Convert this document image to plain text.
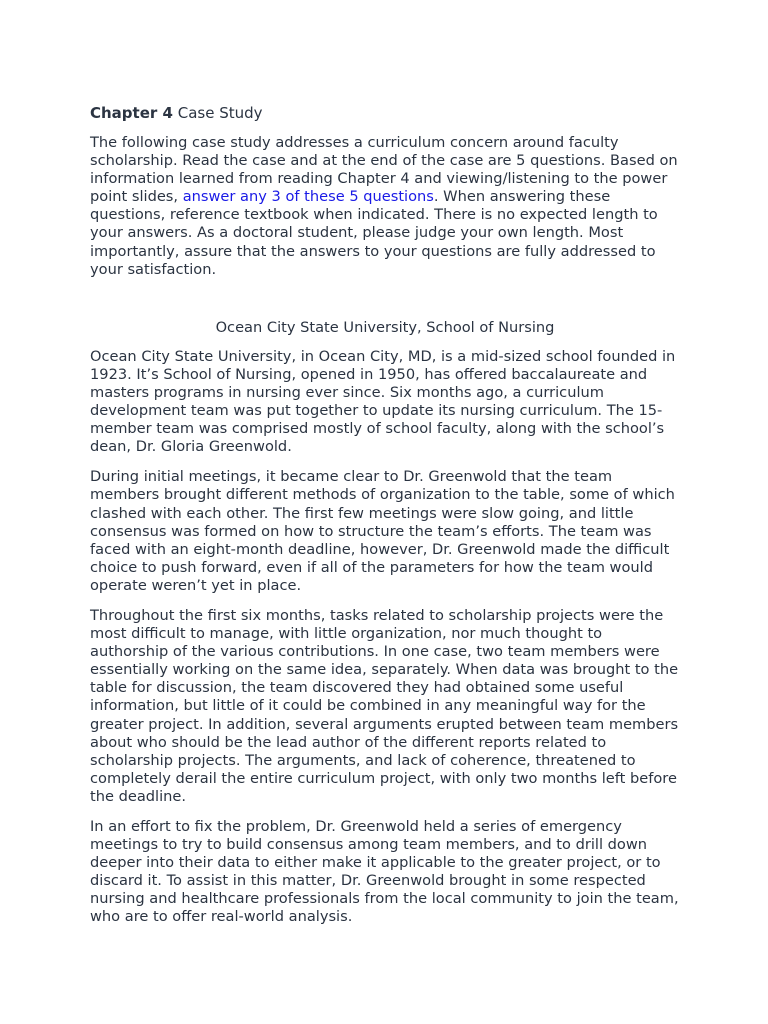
Chapter 4 Case Study

The following case study addresses a curriculum concern around faculty scholarship. Read the case and at the end of the case are 5 questions. Based on information learned from reading Chapter 4 and viewing/listening to the power point slides, answer any 3 of these 5 questions. When answering these questions, reference textbook when indicated. There is no expected length to your answers. As a doctoral student, please judge your own length. Most importantly, assure that the answers to your questions are fully addressed to your satisfaction.

Ocean City State University, School of Nursing

Ocean City State University, in Ocean City, MD, is a mid-sized school founded in 1923. It’s School of Nursing, opened in 1950, has offered baccalaureate and masters programs in nursing ever since. Six months ago, a curriculum development team was put together to update its nursing curriculum. The 15-member team was comprised mostly of school faculty, along with the school’s dean, Dr. Gloria Greenwold.

During initial meetings, it became clear to Dr. Greenwold that the team members brought different methods of organization to the table, some of which clashed with each other. The first few meetings were slow going, and little consensus was formed on how to structure the team’s efforts. The team was faced with an eight-month deadline, however, Dr. Greenwold made the difficult choice to push forward, even if all of the parameters for how the team would operate weren’t yet in place.

Throughout the first six months, tasks related to scholarship projects were the most difficult to manage, with little organization, nor much thought to authorship of the various contributions. In one case, two team members were essentially working on the same idea, separately. When data was brought to the table for discussion, the team discovered they had obtained some useful information, but little of it could be combined in any meaningful way for the greater project. In addition, several arguments erupted between team members about who should be the lead author of the different reports related to scholarship projects. The arguments, and lack of coherence, threatened to completely derail the entire curriculum project, with only two months left before the deadline.

In an effort to fix the problem, Dr. Greenwold held a series of emergency meetings to try to build consensus among team members, and to drill down deeper into their data to either make it applicable to the greater project, or to discard it. To assist in this matter, Dr. Greenwold brought in some respected nursing and healthcare professionals from the local community to join the team, who are to offer real-world analysis.
